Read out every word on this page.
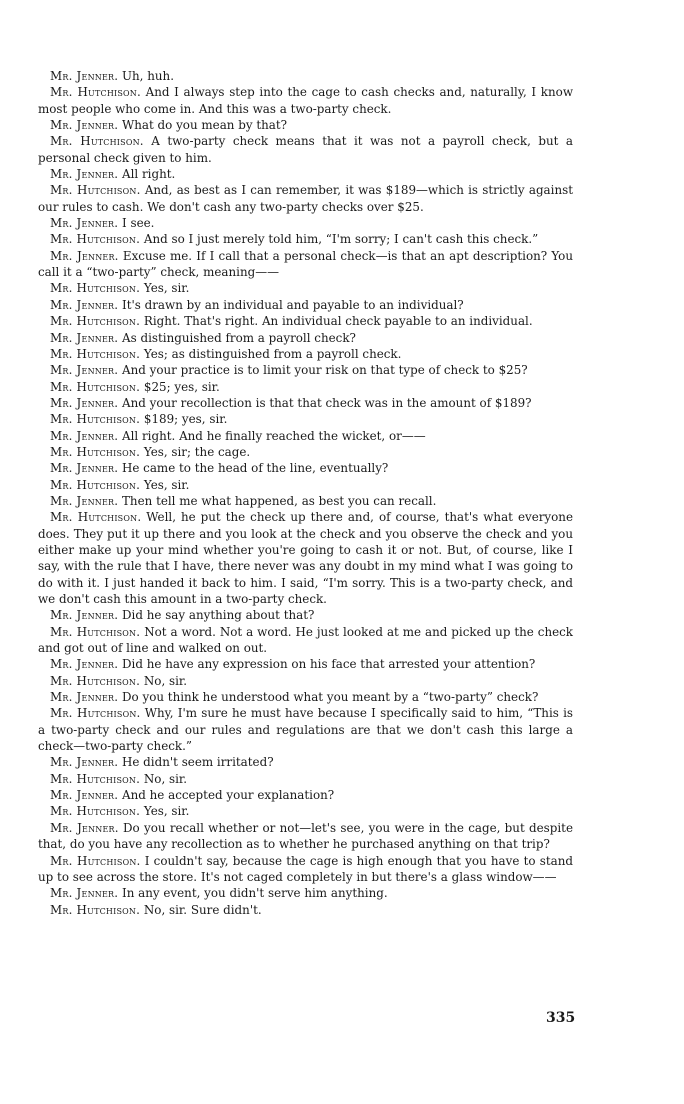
Mr. Jenner. Uh, huh.

Mr. Hutchison. And I always step into the cage to cash checks and, naturally, I know most people who come in. And this was a two-party check.

Mr. Jenner. What do you mean by that?

Mr. Hutchison. A two-party check means that it was not a payroll check, but a personal check given to him.

Mr. Jenner. All right.

Mr. Hutchison. And, as best as I can remember, it was $189—which is strictly against our rules to cash. We don't cash any two-party checks over $25.

Mr. Jenner. I see.

Mr. Hutchison. And so I just merely told him, “I'm sorry; I can't cash this check.”

Mr. Jenner. Excuse me. If I call that a personal check—is that an apt description? You call it a “two-party” check, meaning——

Mr. Hutchison. Yes, sir.

Mr. Jenner. It's drawn by an individual and payable to an individual?

Mr. Hutchison. Right. That's right. An individual check payable to an individual.

Mr. Jenner. As distinguished from a payroll check?

Mr. Hutchison. Yes; as distinguished from a payroll check.

Mr. Jenner. And your practice is to limit your risk on that type of check to $25?

Mr. Hutchison. $25; yes, sir.

Mr. Jenner. And your recollection is that that check was in the amount of $189?

Mr. Hutchison. $189; yes, sir.

Mr. Jenner. All right. And he finally reached the wicket, or——

Mr. Hutchison. Yes, sir; the cage.

Mr. Jenner. He came to the head of the line, eventually?

Mr. Hutchison. Yes, sir.

Mr. Jenner. Then tell me what happened, as best you can recall.

Mr. Hutchison. Well, he put the check up there and, of course, that's what everyone does. They put it up there and you look at the check and you observe the check and you either make up your mind whether you're going to cash it or not. But, of course, like I say, with the rule that I have, there never was any doubt in my mind what I was going to do with it. I just handed it back to him. I said, “I'm sorry. This is a two-party check, and we don't cash this amount in a two-party check.

Mr. Jenner. Did he say anything about that?

Mr. Hutchison. Not a word. Not a word. He just looked at me and picked up the check and got out of line and walked on out.

Mr. Jenner. Did he have any expression on his face that arrested your attention?

Mr. Hutchison. No, sir.

Mr. Jenner. Do you think he understood what you meant by a “two-party” check?

Mr. Hutchison. Why, I'm sure he must have because I specifically said to him, “This is a two-party check and our rules and regulations are that we don't cash this large a check—two-party check.”

Mr. Jenner. He didn't seem irritated?

Mr. Hutchison. No, sir.

Mr. Jenner. And he accepted your explanation?

Mr. Hutchison. Yes, sir.

Mr. Jenner. Do you recall whether or not—let's see, you were in the cage, but despite that, do you have any recollection as to whether he purchased anything on that trip?

Mr. Hutchison. I couldn't say, because the cage is high enough that you have to stand up to see across the store. It's not caged completely in but there's a glass window——

Mr. Jenner. In any event, you didn't serve him anything.

Mr. Hutchison. No, sir. Sure didn't.

335
